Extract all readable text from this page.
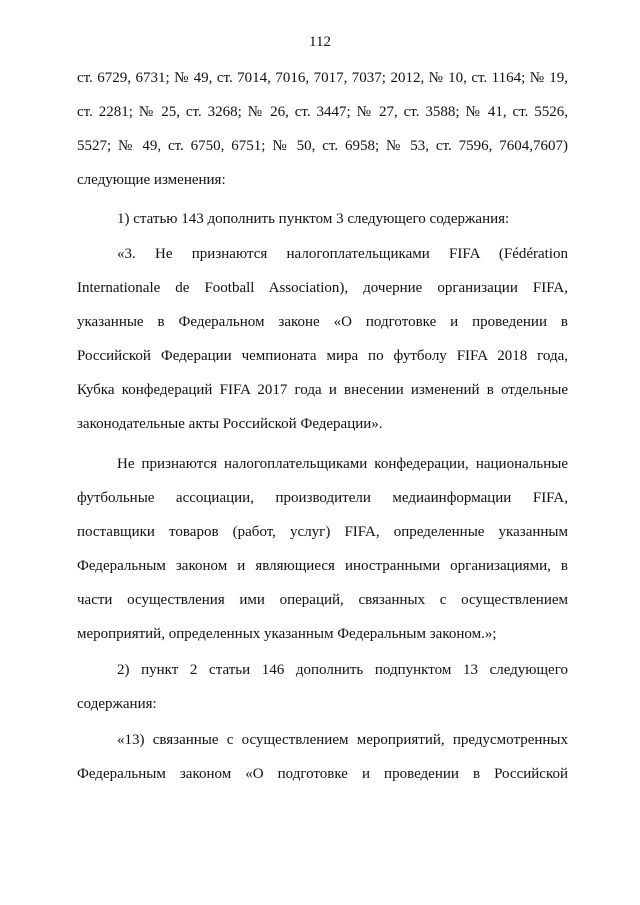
112
ст. 6729, 6731; № 49, ст. 7014, 7016, 7017, 7037; 2012, № 10, ст. 1164; № 19,
ст. 2281; № 25, ст. 3268; № 26, ст. 3447; № 27, ст. 3588; № 41, ст. 5526,
5527; № 49, ст. 6750, 6751; № 50, ст. 6958; № 53, ст. 7596, 7604,7607)
следующие изменения:
1) статью 143 дополнить пунктом 3 следующего содержания:
«3. Не признаются налогоплательщиками FIFA (Fédération
Internationale de Football Association), дочерние организации FIFA,
указанные в Федеральном законе «О подготовке и проведении в
Российской Федерации чемпионата мира по футболу FIFA 2018 года,
Кубка конфедераций FIFA 2017 года и внесении изменений в отдельные
законодательные акты Российской Федерации».
Не признаются налогоплательщиками конфедерации, национальные
футбольные ассоциации, производители медиаинформации FIFA,
поставщики товаров (работ, услуг) FIFA, определенные указанным
Федеральным законом и являющиеся иностранными организациями, в
части осуществления ими операций, связанных с осуществлением
мероприятий, определенных указанным Федеральным законом.»;
2) пункт 2 статьи 146 дополнить подпунктом 13 следующего
содержания:
«13) связанные с осуществлением мероприятий, предусмотренных
Федеральным законом «О подготовке и проведении в Российской
